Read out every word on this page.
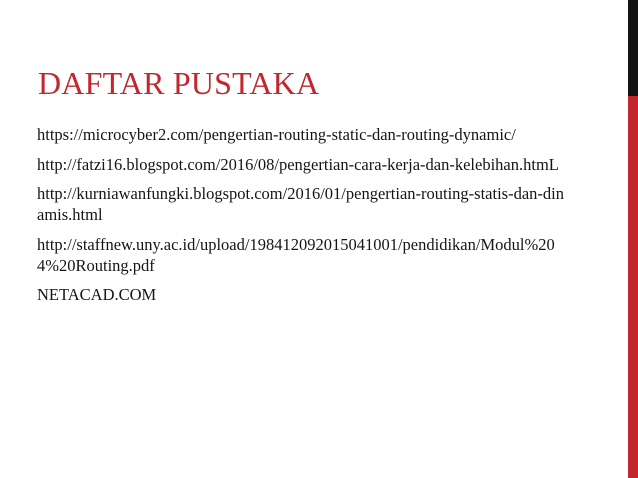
DAFTAR PUSTAKA
https://microcyber2.com/pengertian-routing-static-dan-routing-dynamic/
http://fatzi16.blogspot.com/2016/08/pengertian-cara-kerja-dan-kelebihan.htmL
http://kurniawanfungki.blogspot.com/2016/01/pengertian-routing-statis-dan-dinamis.html
http://staffnew.uny.ac.id/upload/198412092015041001/pendidikan/Modul%204%20Routing.pdf
NETACAD.COM
